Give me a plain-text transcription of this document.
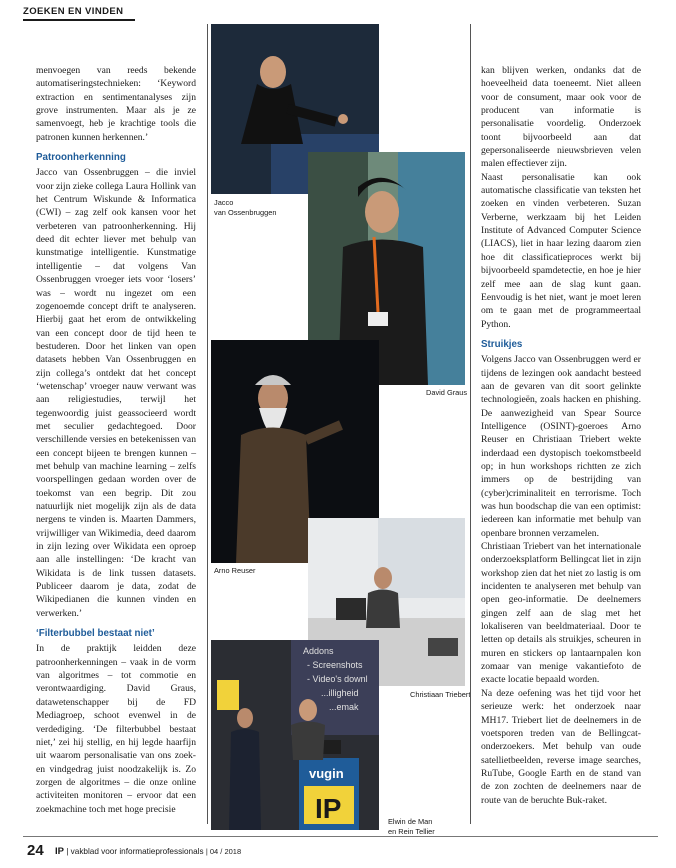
ZOEKEN EN VINDEN

menvoegen van reeds bekende automatiseringstechnieken: ‘Keyword extraction en sentimentanalyses zijn grove instrumenten. Maar als je ze samenvoegt, heb je krachtige tools die patronen kunnen herkennen.’

Patroonherkenning

Jacco van Ossenbruggen – die inviel voor zijn zieke collega Laura Hollink van het Centrum Wiskunde & Informatica (CWI) – zag zelf ook kansen voor het verbeteren van patroonherkenning. Hij deed dit echter liever met behulp van kunstmatige intelligentie. Kunstmatige intelligentie – dat volgens Van Ossenbruggen vroeger iets voor ‘losers’ was – wordt nu ingezet om een zogenoemde concept drift te analyseren. Hierbij gaat het erom de ontwikkeling van een concept door de tijd heen te bestuderen. Door het linken van open datasets hebben Van Ossenbruggen en zijn collega’s ontdekt dat het concept ‘wetenschap’ vroeger nauw verwant was aan religiestudies, terwijl het tegenwoordig juist geassocieerd wordt met seculier gedachtegoed. Door verschillende versies en betekenissen van een concept bijeen te brengen kunnen – met behulp van machine learning – zelfs voorspellingen gedaan worden over de toekomst van een begrip. Dit zou natuurlijk niet mogelijk zijn als de data nergens te vinden is. Maarten Dammers, vrijwilliger van Wikimedia, deed daarom in zijn lezing over Wikidata een oproep aan alle instellingen: ‘De kracht van Wikidata is de link tussen datasets. Publiceer daarom je data, zodat de Wikipedianen die kunnen vinden en verwerken.’

‘Filterbubbel bestaat niet’

In de praktijk leidden deze patroonherkenningen – vaak in de vorm van algoritmes – tot commotie en verontwaardiging. David Graus, datawetenschapper bij de FD Mediagroep, schoot evenwel in de verdediging. ‘De filterbubbel bestaat niet,’ zei hij stellig, en hij legde haarfijn uit waarom personalisatie van ons zoek- en vindgedrag juist noodzakelijk is. Zo zorgen de algoritmes – die onze online activiteiten monitoren – ervoor dat een zoekmachine toch met hoge precisie

Jacco
van Ossenbruggen
David Graus
Arno Reuser
Christiaan Triebert
Addons
- Screenshots
- Video's downl
...illigheid
...emak
vugin
IP	Elwin de Man
en Rein Tellier

kan blijven werken, ondanks dat de hoeveelheid data toeneemt. Niet alleen voor de consument, maar ook voor de producent van informatie is personalisatie voordelig. Onderzoek toont bijvoorbeeld aan dat gepersonaliseerde nieuwsbrieven velen malen effectiever zijn.

Naast personalisatie kan ook automatische classificatie van teksten het zoeken en vinden verbeteren. Suzan Verberne, werkzaam bij het Leiden Institute of Advanced Computer Science (LIACS), liet in haar lezing daarom zien hoe dit classificatieproces werkt bij bijvoorbeeld spamdetectie, en hoe je hier zelf mee aan de slag kunt gaan. Eenvoudig is het niet, want je moet leren om te gaan met de programmeertaal Python.

Struikjes

Volgens Jacco van Ossenbruggen werd er tijdens de lezingen ook aandacht besteed aan de gevaren van dit soort gelinkte technologieën, zoals hacken en phishing. De aanwezigheid van Spear Source Intelligence (OSINT)-goeroes Arno Reuser en Christiaan Triebert wekte inderdaad een dystopisch toekomstbeeld op; in hun workshops richtten ze zich immers op de bestrijding van (cyber)criminaliteit en terrorisme. Toch was hun boodschap die van een optimist: iedereen kan informatie met behulp van openbare bronnen verzamelen.

Christiaan Triebert van het internationale onderzoeksplatform Bellingcat liet in zijn workshop zien dat het niet zo lastig is om incidenten te analyseren met behulp van open geo-informatie. De deelnemers gingen zelf aan de slag met het lokaliseren van beeldmateriaal. Door te letten op details als struikjes, scheuren in muren en stickers op lantaarnpalen kon zomaar van menige vakantiefoto de exacte locatie bepaald worden.

Na deze oefening was het tijd voor het serieuze werk: het onderzoek naar MH17. Triebert liet de deelnemers in de voetsporen treden van de Bellingcat-onderzoekers. Met behulp van oude satellietbeelden, reverse image searches, RuTube, Google Earth en de stand van de zon zochten de deelnemers naar de route van de beruchte Buk-raket.

24 IP | vakblad voor informatieprofessionals | 04 / 2018
